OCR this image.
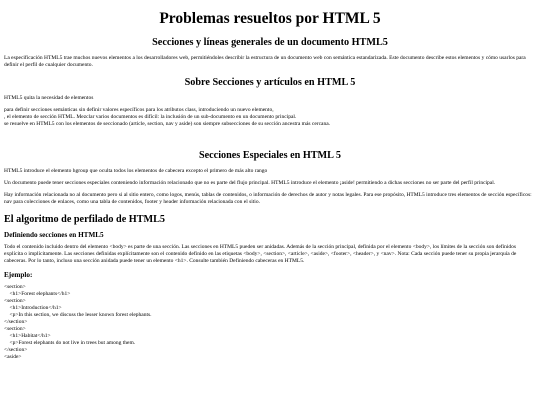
Problemas resueltos por HTML 5
Secciones y líneas generales de un documento HTML5

La especificación HTML5 trae muchos nuevos elementos a los desarrolladores web, permitiéndoles describir la estructura de un documento web con semántica estandarizada. Este documento describe estos elementos y cómo usarlos para definir el perfil de cualquier documento.

Sobre Secciones y artículos en HTML 5

HTML5 quita la necesidad de elementos

para definir secciones semánticas sin definir valores específicos para los atributos class, introduciendo un nuevo elemento,
, el elemento de sección HTML. Mezclar varios documentos es difícil: la inclusión de un sub-documento en un documento principal.
se resuelve en HTML5 con los elementos de seccionado (article, section, nav y aside) son siempre subsecciones de su sección ancestra más cercana.

Secciones Especiales en HTML 5

HTML5 introduce el elemento hgroup que oculta todos los elementos de cabecera excepto el primero de más alto rango

Un documento puede tener secciones especiales conteniendo información relacionado que no es parte del flujo principal. HTML5 introduce el elemento ¡aside! permitiendo a dichas secciones no ser parte del perfil principal.

Hay información relacionada no al documento pero si al sitio entero, como logos, menús, tablas de contenidos, o información de derechos de autor y notas legales. Para ese propósito, HTML5 introduce tres elementos de sección específicos: nav para colecciones de enlaces, como una tabla de contenidos, footer y header información relacionada con el sitio.

El algoritmo de perfilado de HTML5
Definiendo secciones en HTML5

Todo el contenido incluido dentro del elemento <body> es parte de una sección. Las secciones en HTML5 pueden ser anidadas. Además de la sección principal, definida por el elemento <body>, los límites de la sección son definidos explícita o implícitamente. Las secciones definidas explícitamente son el contenido definido en las etiquetas <body>, <section>, <article>, <aside>, <footer>, <header>, y <nav>. Nota: Cada sección puede tener su propia jerarquía de cabeceras. Por lo tanto, incluso una sección anidada puede tener un elemento <h1>. Consulte también Definiendo cabeceras en HTML5.

Ejemplo:
<section>
<h1>Forest elephants</h1>
<section>
<h1>Introduction</h1>
<p>In this section, we discuss the lesser known forest elephants.
</section>
<section>
<h1>Habitat</h1>
<p>Forest elephants do not live in trees but among them.
</section>
<aside>
